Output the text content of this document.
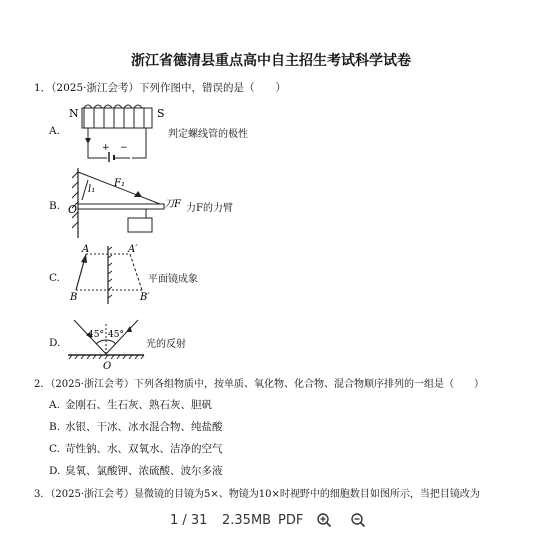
浙江省德清县重点高中自主招生考试科学试卷
1．（2025·浙江会考）下列作图中，错误的是（　　）
A.
N	S
+ −
判定螺线管的极性
B. O
l₁
F₁
刀F 力F的力臂
C.
A	A′
B	B′
平面镜成象
D.
45° 45°
O
光的反射
2．（2025·浙江会考）下列各组物质中，按单质、氧化物、化合物、混合物顺序排列的一组是（　　）
A. 金刚石、生石灰、熟石灰、胆矾
B. 水银、干冰、冰水混合物、纯盐酸
C. 苛性钠、水、双氧水、洁净的空气
D. 臭氧、氯酸钾、浓硫酸、波尔多液
3．（2025·浙江会考）显微镜的目镜为5×、物镜为10×时视野中的细胞数目如图所示，当把目镜改为
1 / 31 2.35MB PDF
